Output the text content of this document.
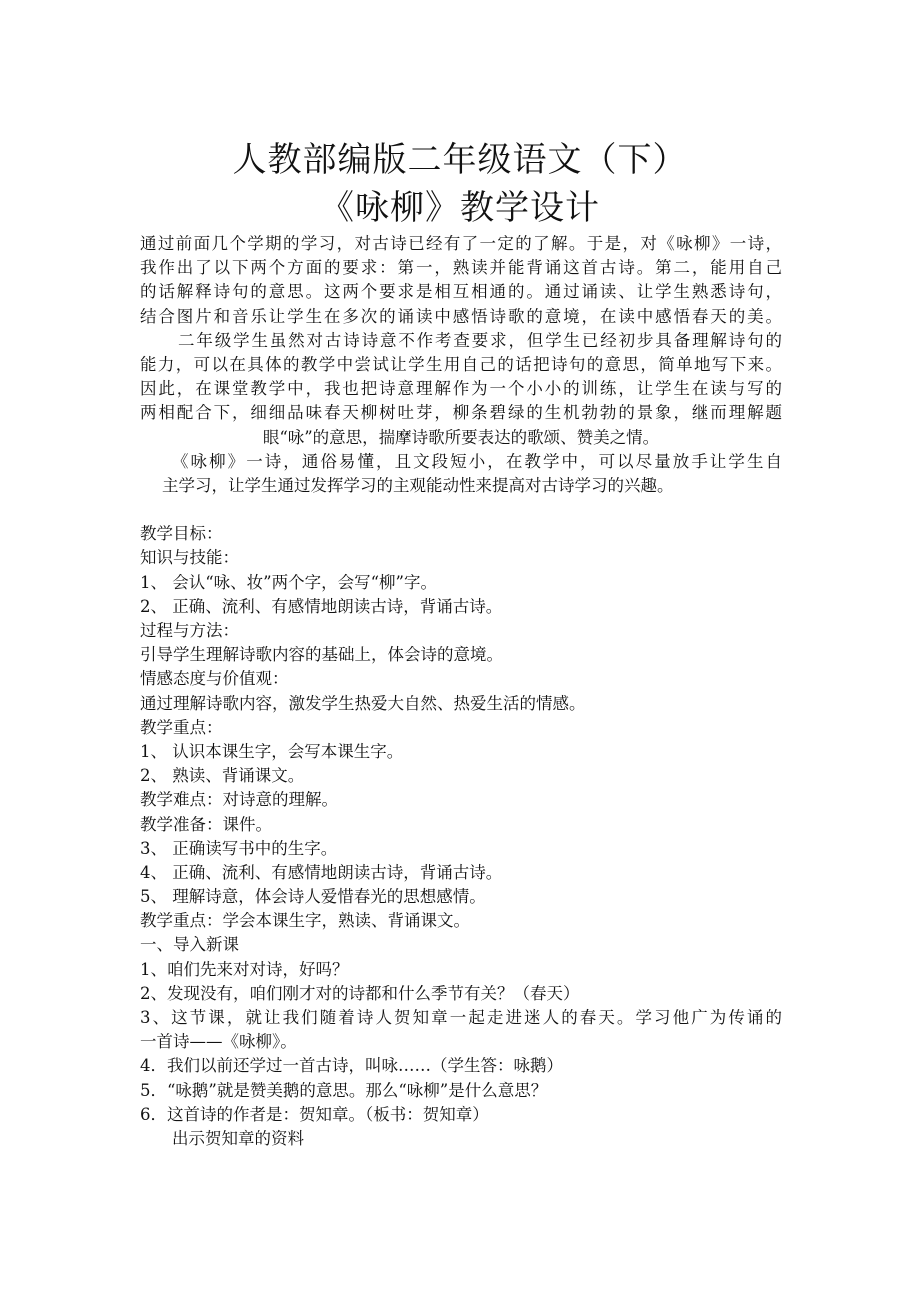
人教部编版二年级语文（下）
《咏柳》教学设计
通过前面几个学期的学习，对古诗已经有了一定的了解。于是，对《咏柳》一诗，
我作出了以下两个方面的要求：第一，熟读并能背诵这首古诗。第二，能用自己
的话解释诗句的意思。这两个要求是相互相通的。通过诵读、让学生熟悉诗句，
结合图片和音乐让学生在多次的诵读中感悟诗歌的意境，在读中感悟春天的美。
二年级学生虽然对古诗诗意不作考查要求，但学生已经初步具备理解诗句的
能力，可以在具体的教学中尝试让学生用自己的话把诗句的意思，简单地写下来。
因此，在课堂教学中，我也把诗意理解作为一个小小的训练，让学生在读与写的
两相配合下，细细品味春天柳树吐芽，柳条碧绿的生机勃勃的景象，继而理解题
眼“咏”的意思，揣摩诗歌所要表达的歌颂、赞美之情。
《咏柳》一诗，通俗易懂，且文段短小，在教学中，可以尽量放手让学生自
主学习，让学生通过发挥学习的主观能动性来提高对古诗学习的兴趣。
教学目标：
知识与技能：
1、 会认“咏、妆”两个字，会写“柳”字。
2、 正确、流利、有感情地朗读古诗，背诵古诗。
过程与方法：
引导学生理解诗歌内容的基础上，体会诗的意境。
情感态度与价值观：
通过理解诗歌内容，激发学生热爱大自然、热爱生活的情感。
教学重点：
1、 认识本课生字，会写本课生字。
2、 熟读、背诵课文。
教学难点：对诗意的理解。
教学准备：课件。
3、 正确读写书中的生字。
4、 正确、流利、有感情地朗读古诗，背诵古诗。
5、 理解诗意，体会诗人爱惜春光的思想感情。
教学重点：学会本课生字，熟读、背诵课文。
一、导入新课
1、咱们先来对对诗，好吗？
2、发现没有，咱们刚才对的诗都和什么季节有关？（春天）
3、这节课，就让我们随着诗人贺知章一起走进迷人的春天。学习他广为传诵的
一首诗——《咏柳》。
4．我们以前还学过一首古诗，叫咏……（学生答：咏鹅）
5．“咏鹅”就是赞美鹅的意思。那么“咏柳”是什么意思？
6．这首诗的作者是：贺知章。（板书：贺知章）
出示贺知章的资料
